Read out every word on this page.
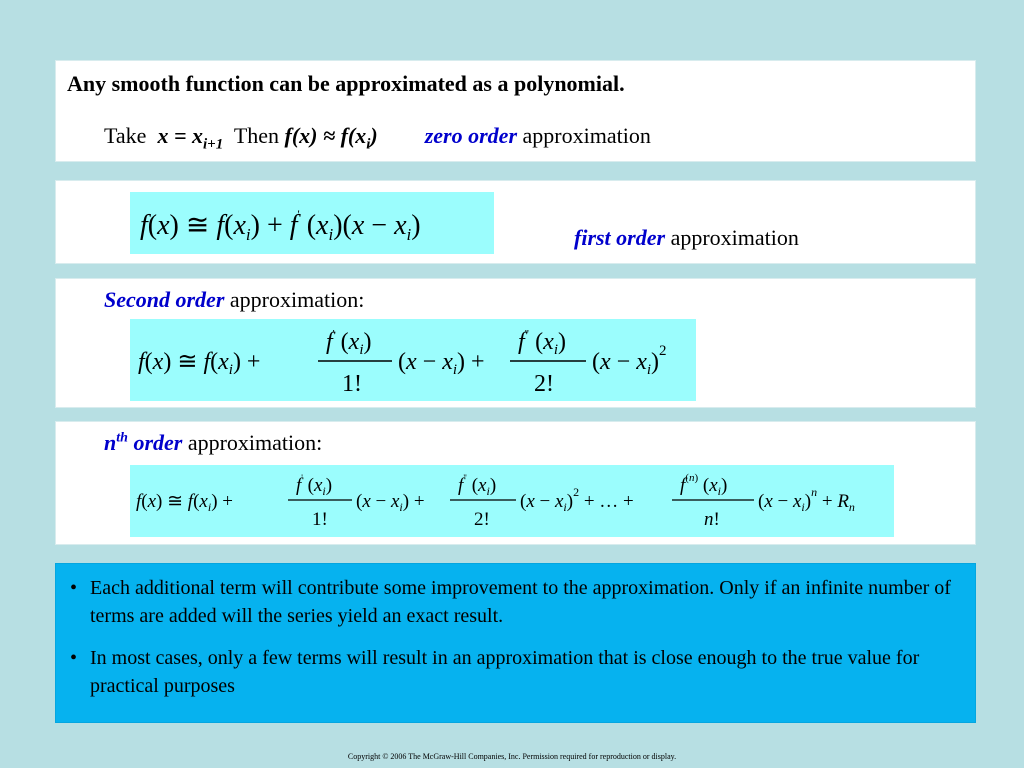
Any smooth function can be approximated as a polynomial.
Take $x = x_{i+1}$ Then $f(x) \approx f(x_i)$ zero order approximation
f(x) ≅ $f(x_i) + f'$ $(x_i)(x - x_i)$	first order approximation
Second order approximation:
f(x) ≅ $f(x_i)$ +
f' $(x_i)$
1!
$(x - x_i)$ +
f" $(x_i)$
2!
$(x - x_i)^2$
$n^{th}$ order approximation:
f(x) ≅ $f(x_i)$ +
f' $(x_i)$
1!
$(x - x_i)$ +
f" $(x_i)$
2!
$(x - x_i)^2$ + … +
f(n) $(x_i)$
n!
$(x - x_i)^n + R_n$
• Each additional term will contribute some improvement to the approximation. Only if an infinite number of terms are added will the series yield an exact result.
• In most cases, only a few terms will result in an approximation that is close enough to the true value for practical purposes
Copyright © 2006 The McGraw-Hill Companies, Inc. Permission required for reproduction or display.
